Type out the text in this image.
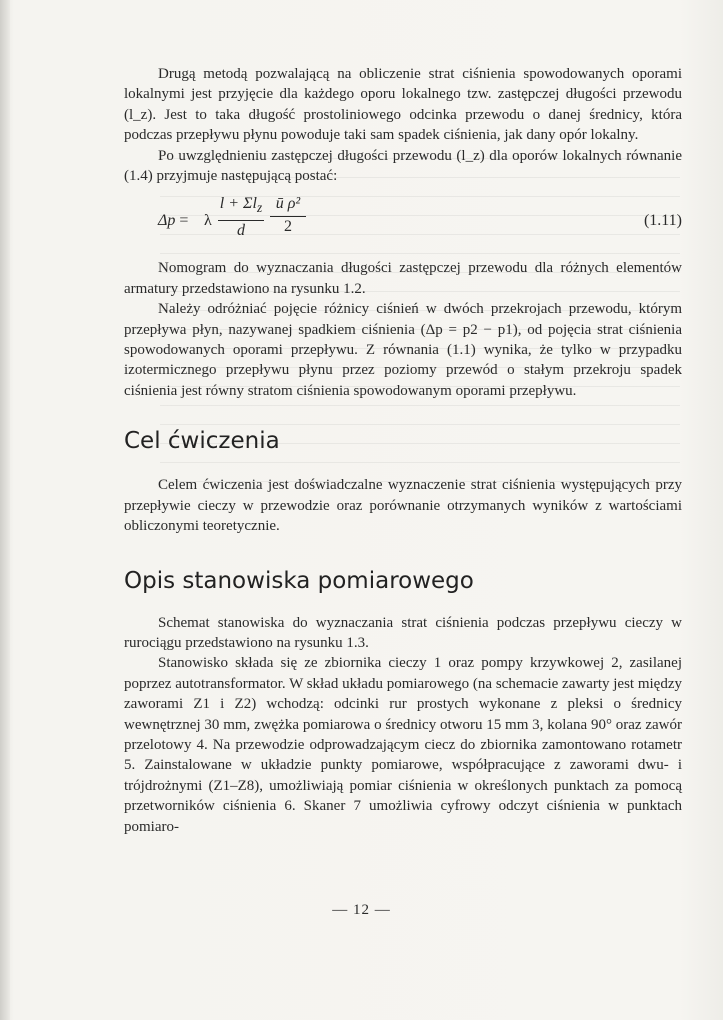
Drugą metodą pozwalającą na obliczenie strat ciśnienia spowodowanych oporami lokalnymi jest przyjęcie dla każdego oporu lokalnego tzw. zastępczej długości przewodu (l_z). Jest to taka długość prostoliniowego odcinka przewodu o danej średnicy, która podczas przepływu płynu powoduje taki sam spadek ciśnienia, jak dany opór lokalny.

Po uwzględnieniu zastępczej długości przewodu (l_z) dla oporów lokalnych równanie (1.4) przyjmuje następującą postać:

Δp = λ
$l + \Sigma l_z$
d
ū ρ²
2	(1.11)

Nomogram do wyznaczania długości zastępczej przewodu dla różnych elementów armatury przedstawiono na rysunku 1.2.

Należy odróżniać pojęcie różnicy ciśnień w dwóch przekrojach przewodu, którym przepływa płyn, nazywanej spadkiem ciśnienia (Δp = p2 − p1), od pojęcia strat ciśnienia spowodowanych oporami przepływu. Z równania (1.1) wynika, że tylko w przypadku izotermicznego przepływu płynu przez poziomy przewód o stałym przekroju spadek ciśnienia jest równy stratom ciśnienia spowodowanym oporami przepływu.

Cel ćwiczenia

Celem ćwiczenia jest doświadczalne wyznaczenie strat ciśnienia występujących przy przepływie cieczy w przewodzie oraz porównanie otrzymanych wyników z wartościami obliczonymi teoretycznie.

Opis stanowiska pomiarowego

Schemat stanowiska do wyznaczania strat ciśnienia podczas przepływu cieczy w rurociągu przedstawiono na rysunku 1.3.

Stanowisko składa się ze zbiornika cieczy 1 oraz pompy krzywkowej 2, zasilanej poprzez autotransformator. W skład układu pomiarowego (na schemacie zawarty jest między zaworami Z1 i Z2) wchodzą: odcinki rur prostych wykonane z pleksi o średnicy wewnętrznej 30 mm, zwężka pomiarowa o średnicy otworu 15 mm 3, kolana 90° oraz zawór przelotowy 4. Na przewodzie odprowadzającym ciecz do zbiornika zamontowano rotametr 5. Zainstalowane w układzie punkty pomiarowe, współpracujące z zaworami dwu- i trójdrożnymi (Z1–Z8), umożliwiają pomiar ciśnienia w określonych punktach za pomocą przetworników ciśnienia 6. Skaner 7 umożliwia cyfrowy odczyt ciśnienia w punktach pomiaro-

— 12 —
